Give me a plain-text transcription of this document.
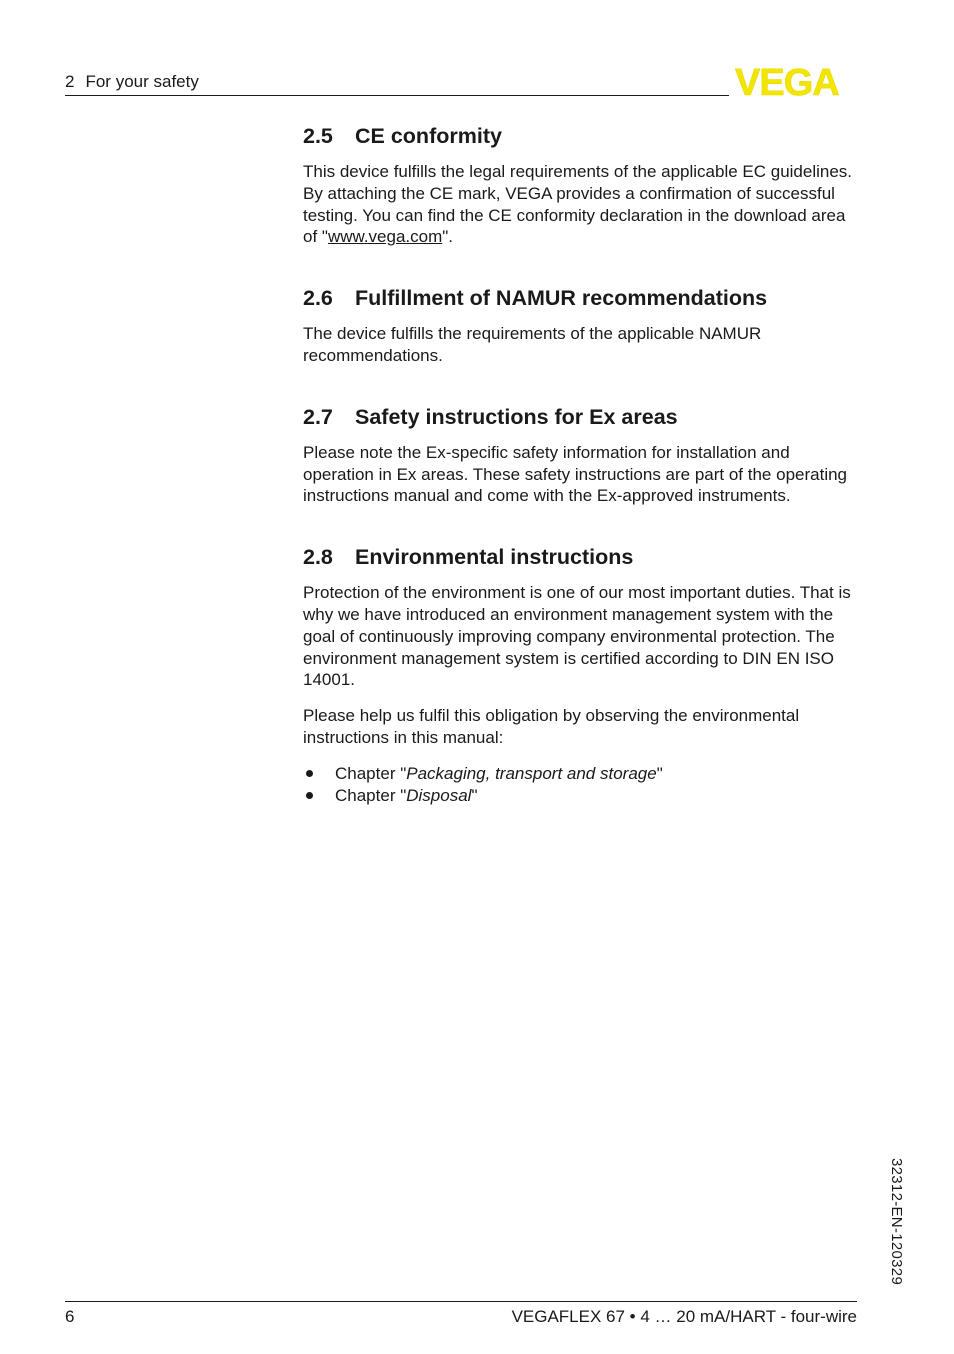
2 For your safety	VEGA
2.5 CE conformity

This device fulfills the legal requirements of the applicable EC guidelines. By attaching the CE mark, VEGA provides a confirmation of successful testing. You can find the CE conformity declaration in the download area of "www.vega.com".

2.6 Fulfillment of NAMUR recommendations

The device fulfills the requirements of the applicable NAMUR recommendations.

2.7 Safety instructions for Ex areas

Please note the Ex-specific safety information for installation and operation in Ex areas. These safety instructions are part of the operating instructions manual and come with the Ex-approved instruments.

2.8 Environmental instructions

Protection of the environment is one of our most important duties. That is why we have introduced an environment management system with the goal of continuously improving company environmental protection. The environment management system is certified according to DIN EN ISO 14001.

Please help us fulfil this obligation by observing the environmental instructions in this manual:

Chapter "Packaging, transport and storage"
Chapter "Disposal"
32312-EN-120329
6	VEGAFLEX 67 • 4 … 20 mA/HART - four-wire
